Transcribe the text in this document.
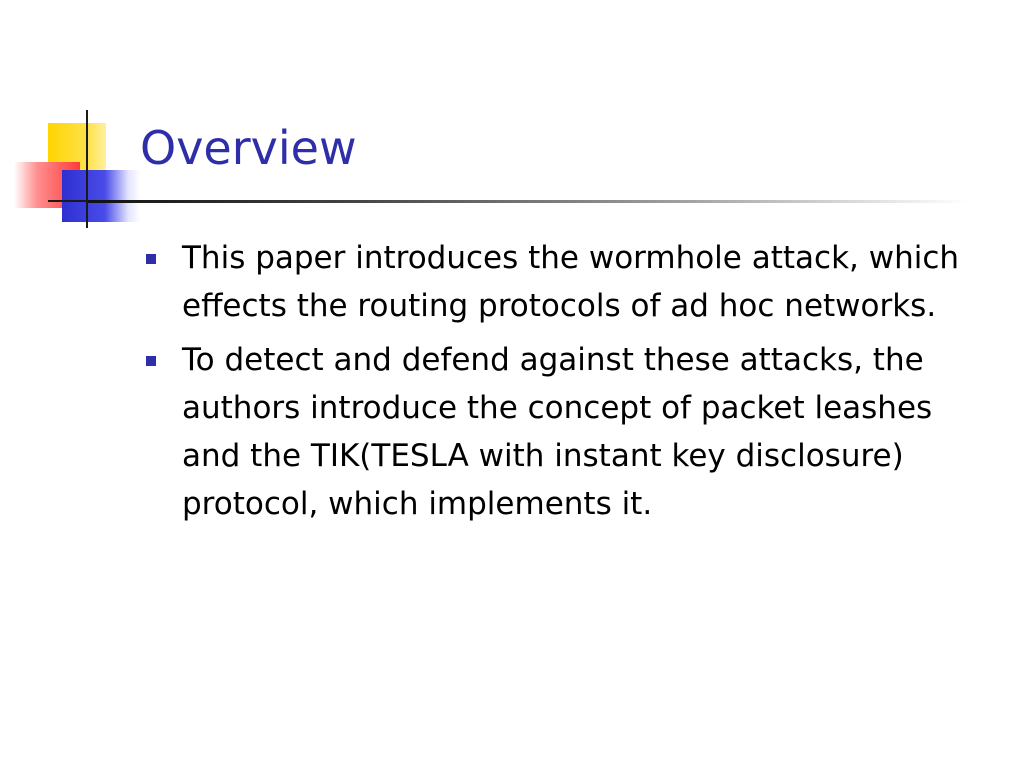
Overview
This paper introduces the wormhole attack, which effects the routing protocols of ad hoc networks.
To detect and defend against these attacks, the authors introduce the concept of packet leashes and the TIK(TESLA with instant key disclosure) protocol, which implements it.
